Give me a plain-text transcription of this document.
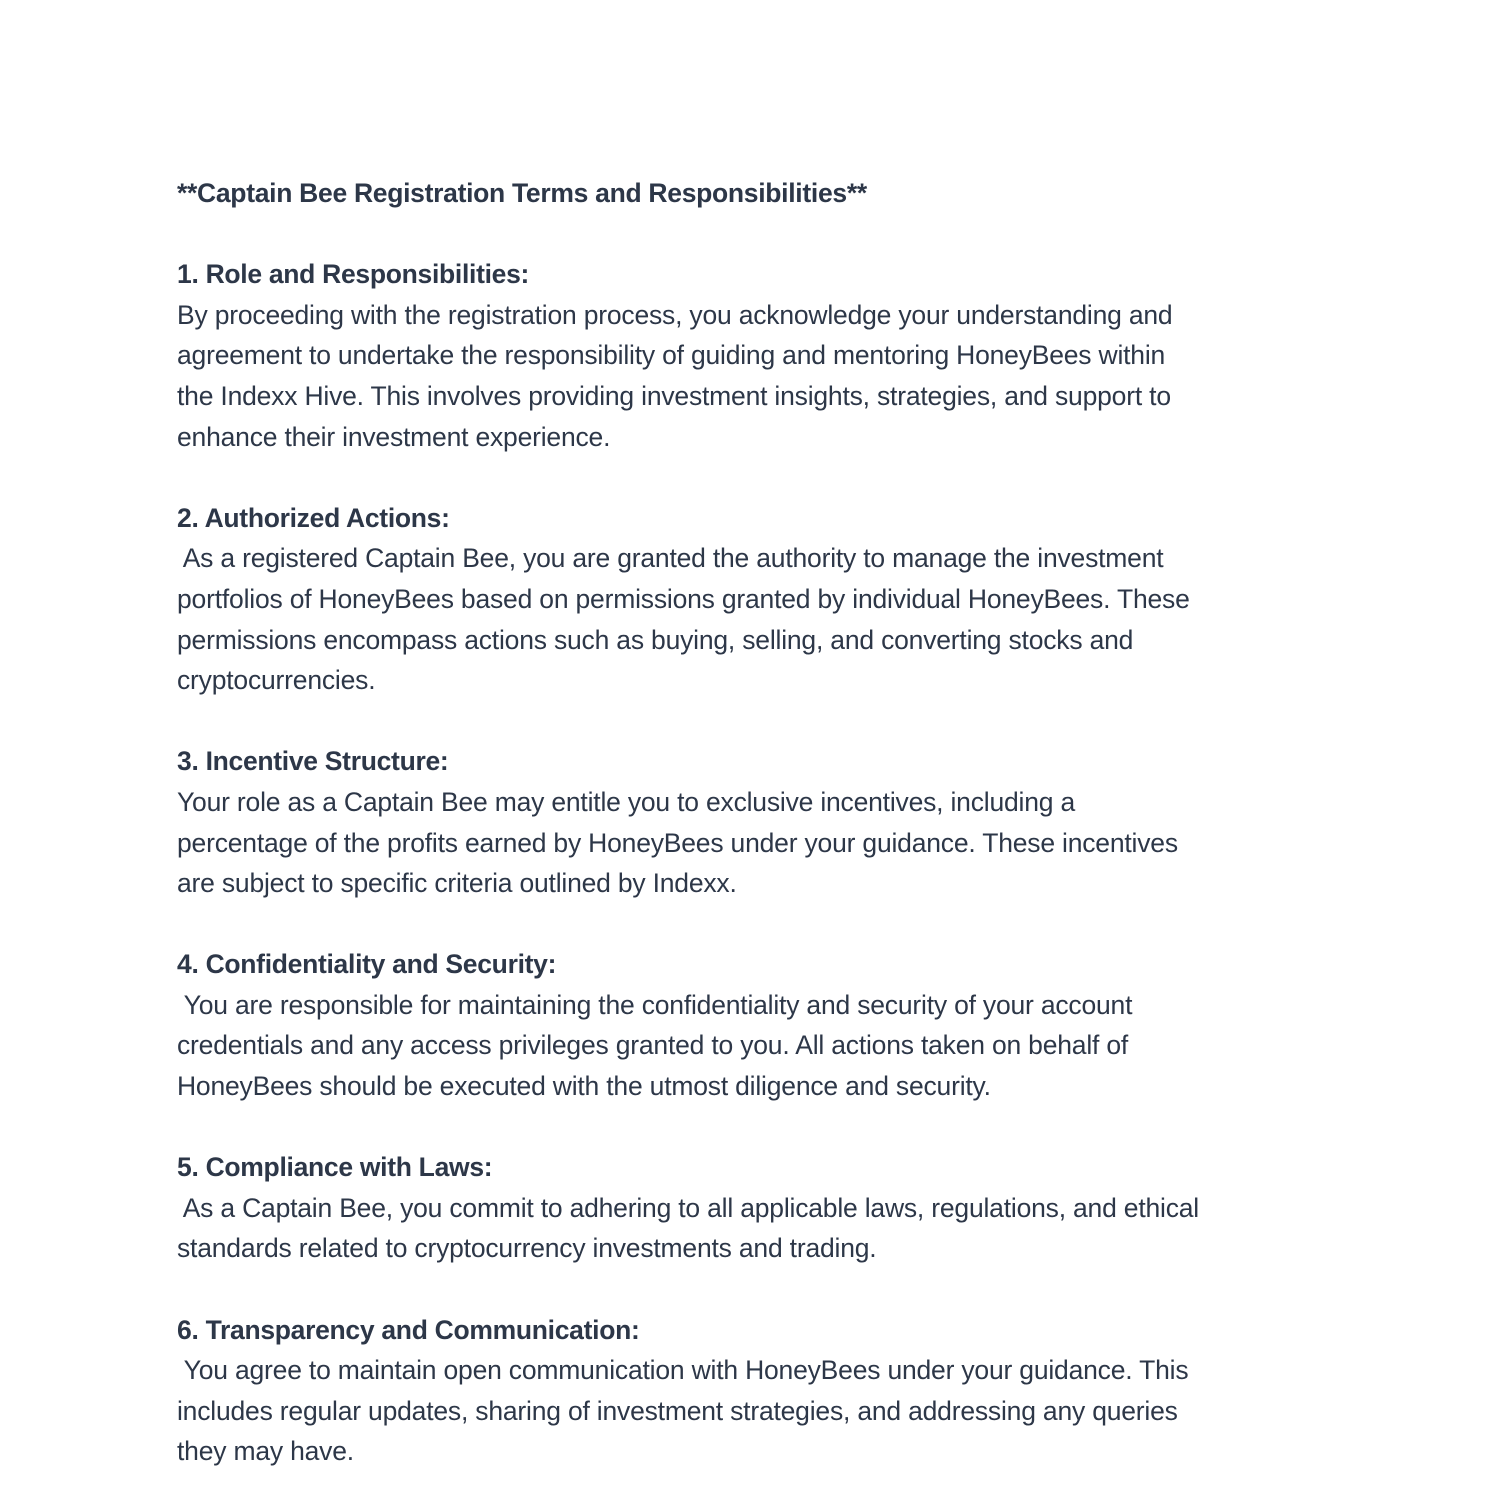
**Captain Bee Registration Terms and Responsibilities**
1. Role and Responsibilities:
By proceeding with the registration process, you acknowledge your understanding and
agreement to undertake the responsibility of guiding and mentoring HoneyBees within
the Indexx Hive. This involves providing investment insights, strategies, and support to
enhance their investment experience.
2. Authorized Actions:
As a registered Captain Bee, you are granted the authority to manage the investment
portfolios of HoneyBees based on permissions granted by individual HoneyBees. These
permissions encompass actions such as buying, selling, and converting stocks and
cryptocurrencies.
3. Incentive Structure:
Your role as a Captain Bee may entitle you to exclusive incentives, including a
percentage of the profits earned by HoneyBees under your guidance. These incentives
are subject to specific criteria outlined by Indexx.
4. Confidentiality and Security:
You are responsible for maintaining the confidentiality and security of your account
credentials and any access privileges granted to you. All actions taken on behalf of
HoneyBees should be executed with the utmost diligence and security.
5. Compliance with Laws:
As a Captain Bee, you commit to adhering to all applicable laws, regulations, and ethical
standards related to cryptocurrency investments and trading.
6. Transparency and Communication:
You agree to maintain open communication with HoneyBees under your guidance. This
includes regular updates, sharing of investment strategies, and addressing any queries
they may have.
